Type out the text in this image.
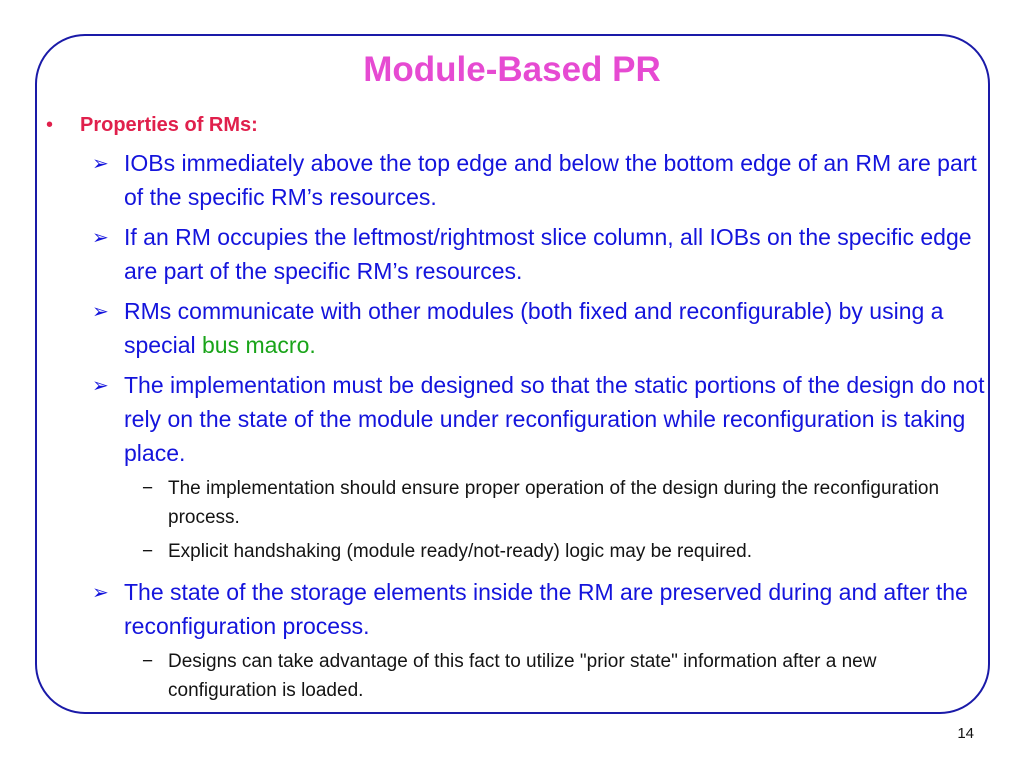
Module-Based PR
• Properties of RMs:
➢ IOBs immediately above the top edge and below the bottom edge of an RM are part of the specific RM’s resources.
➢ If an RM occupies the leftmost/rightmost slice column, all IOBs on the specific edge are part of the specific RM’s resources.
➢ RMs communicate with other modules (both fixed and reconfigurable) by using a special bus macro.
➢ The implementation must be designed so that the static portions of the design do not rely on the state of the module under reconfiguration while reconfiguration is taking place.
− The implementation should ensure proper operation of the design during the reconfiguration process.
− Explicit handshaking (module ready/not-ready) logic may be required.
➢ The state of the storage elements inside the RM are preserved during and after the reconfiguration process.
− Designs can take advantage of this fact to utilize "prior state" information after a new configuration is loaded.
14
